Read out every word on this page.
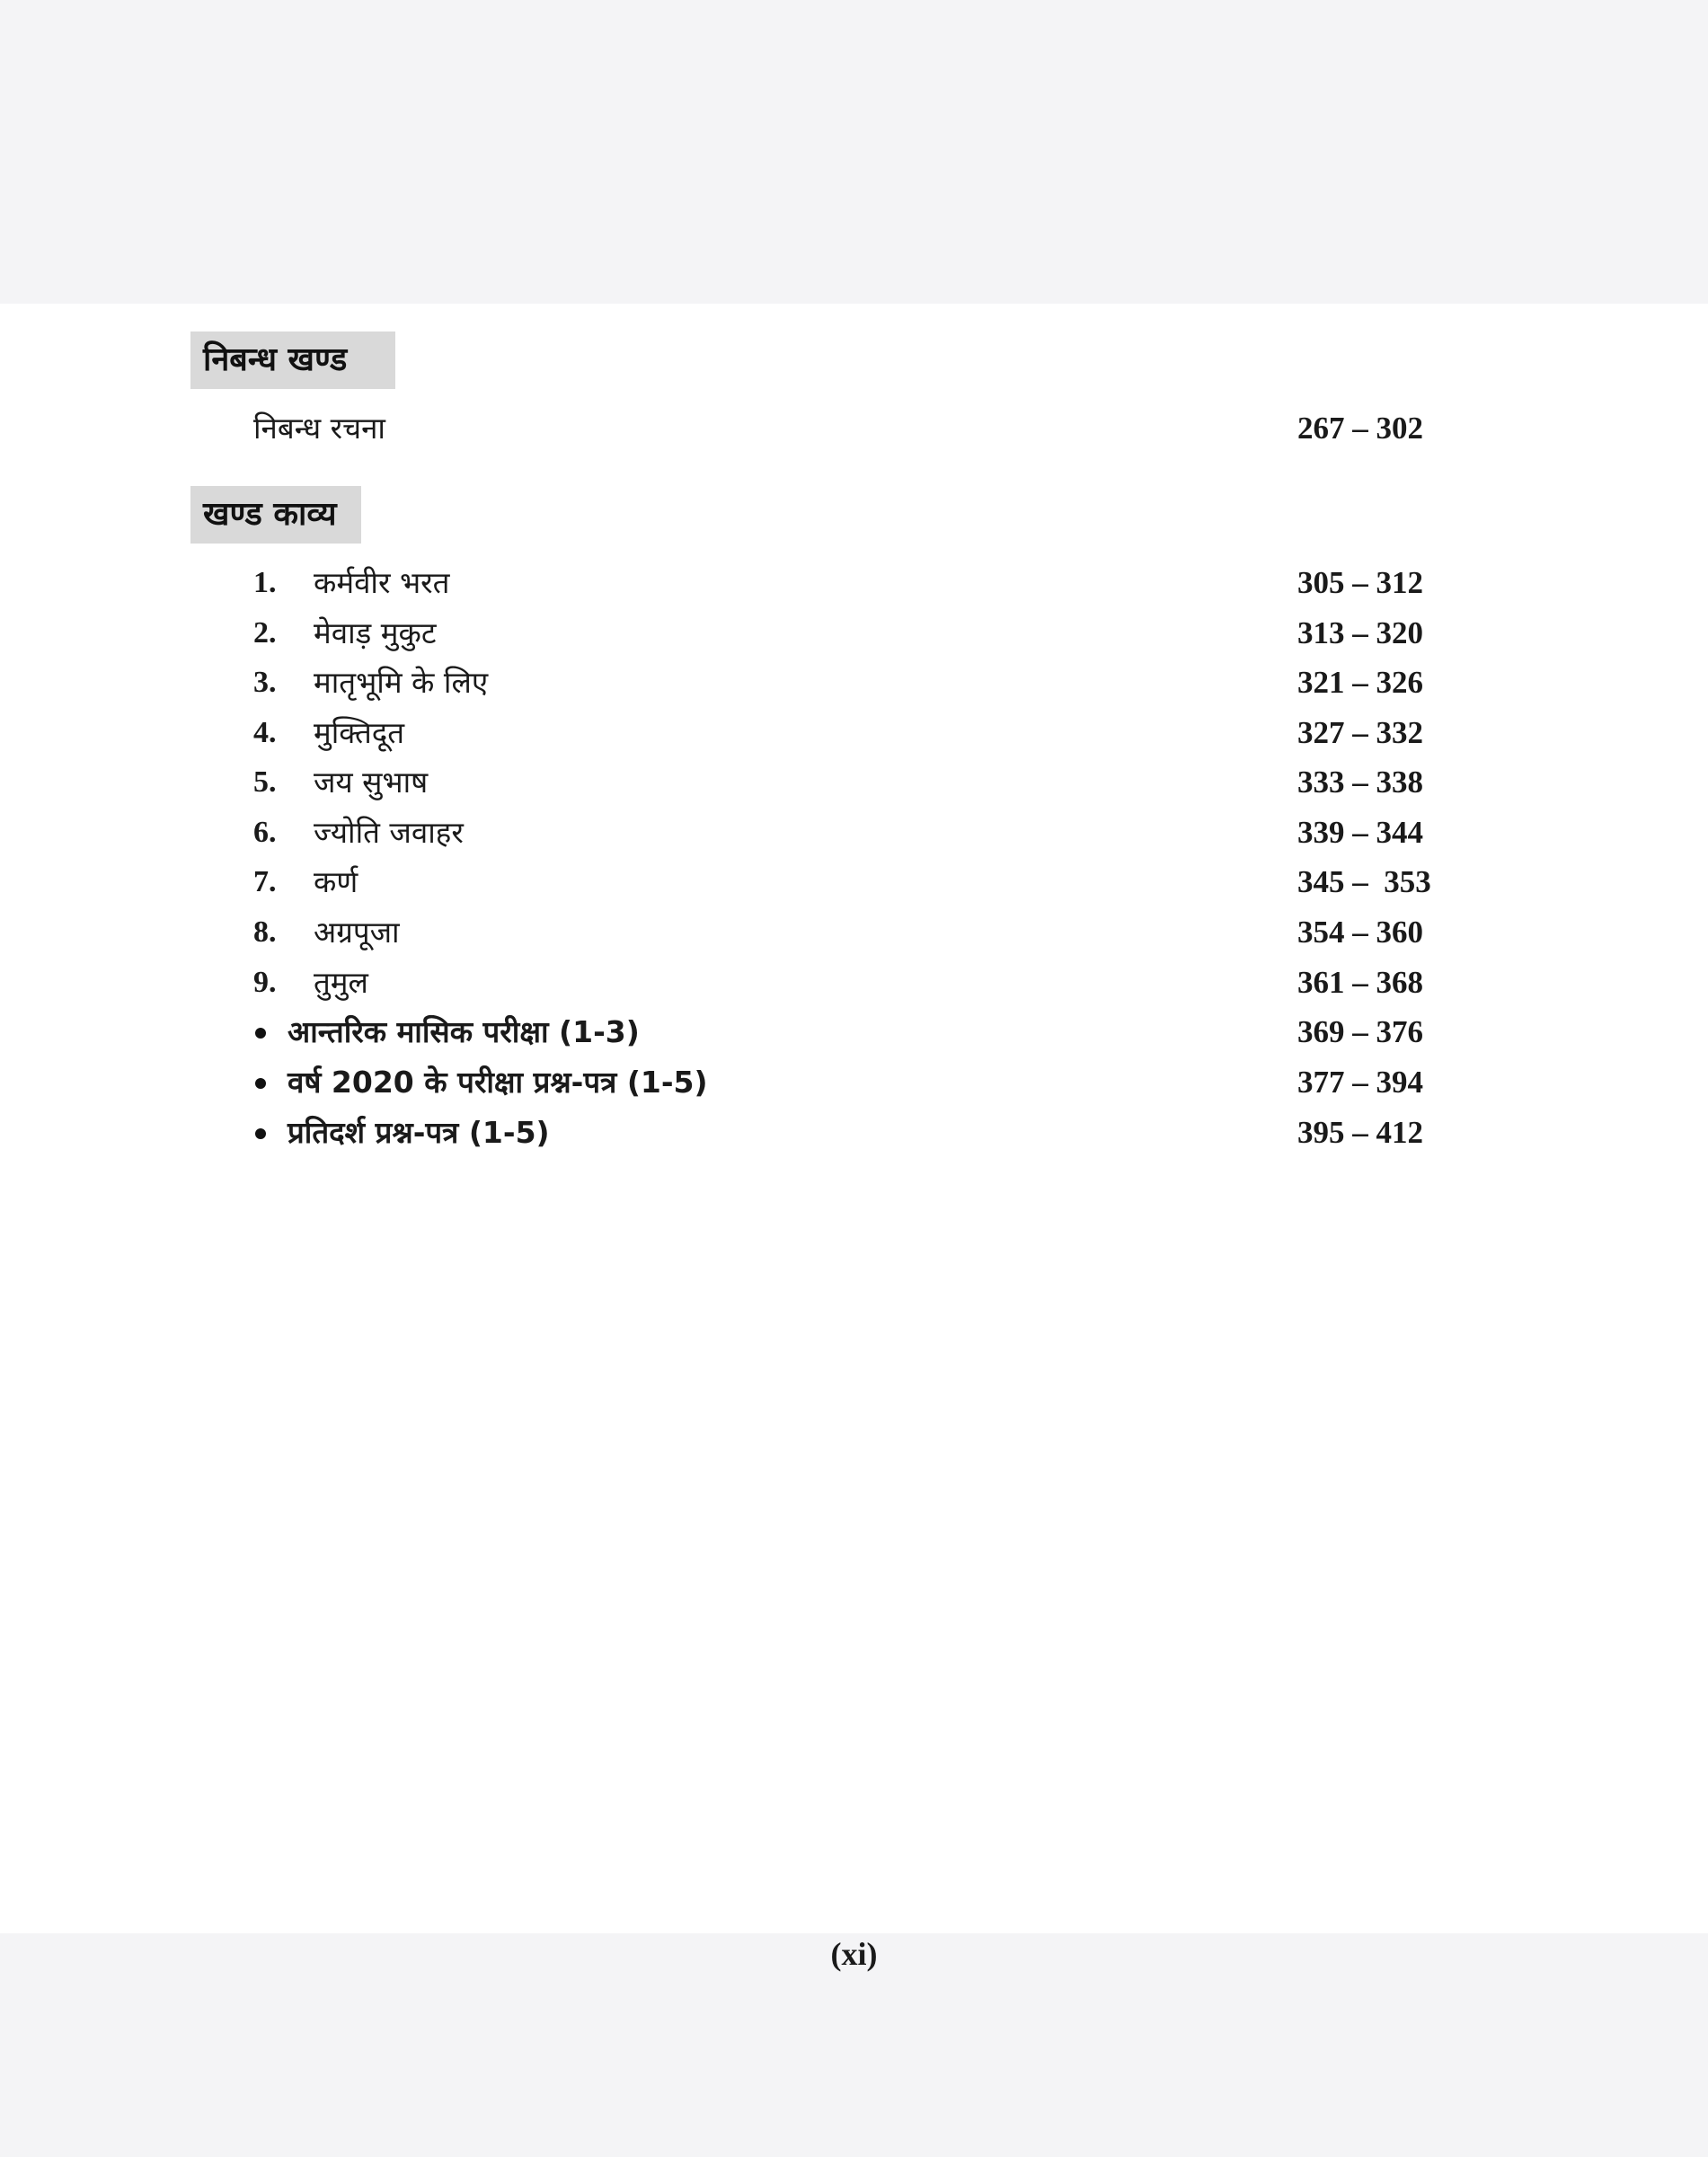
निबन्ध खण्ड
निबन्ध रचना	267 – 302
खण्ड काव्य
1. कर्मवीर भरत	305 – 312
2. मेवाड़ मुकुट	313 – 320
3. मातृभूमि के लिए	321 – 326
4. मुक्तिदूत	327 – 332
5. जय सुभाष	333 – 338
6. ज्योति जवाहर	339 – 344
7. कर्ण	345 –  353
8. अग्रपूजा	354 – 360
9. तुमुल	361 – 368
आन्तरिक मासिक परीक्षा (1-3)	369 – 376
वर्ष 2020 के परीक्षा प्रश्न-पत्र (1-5)	377 – 394
प्रतिदर्श प्रश्न-पत्र (1-5)	395 – 412
(xi)
